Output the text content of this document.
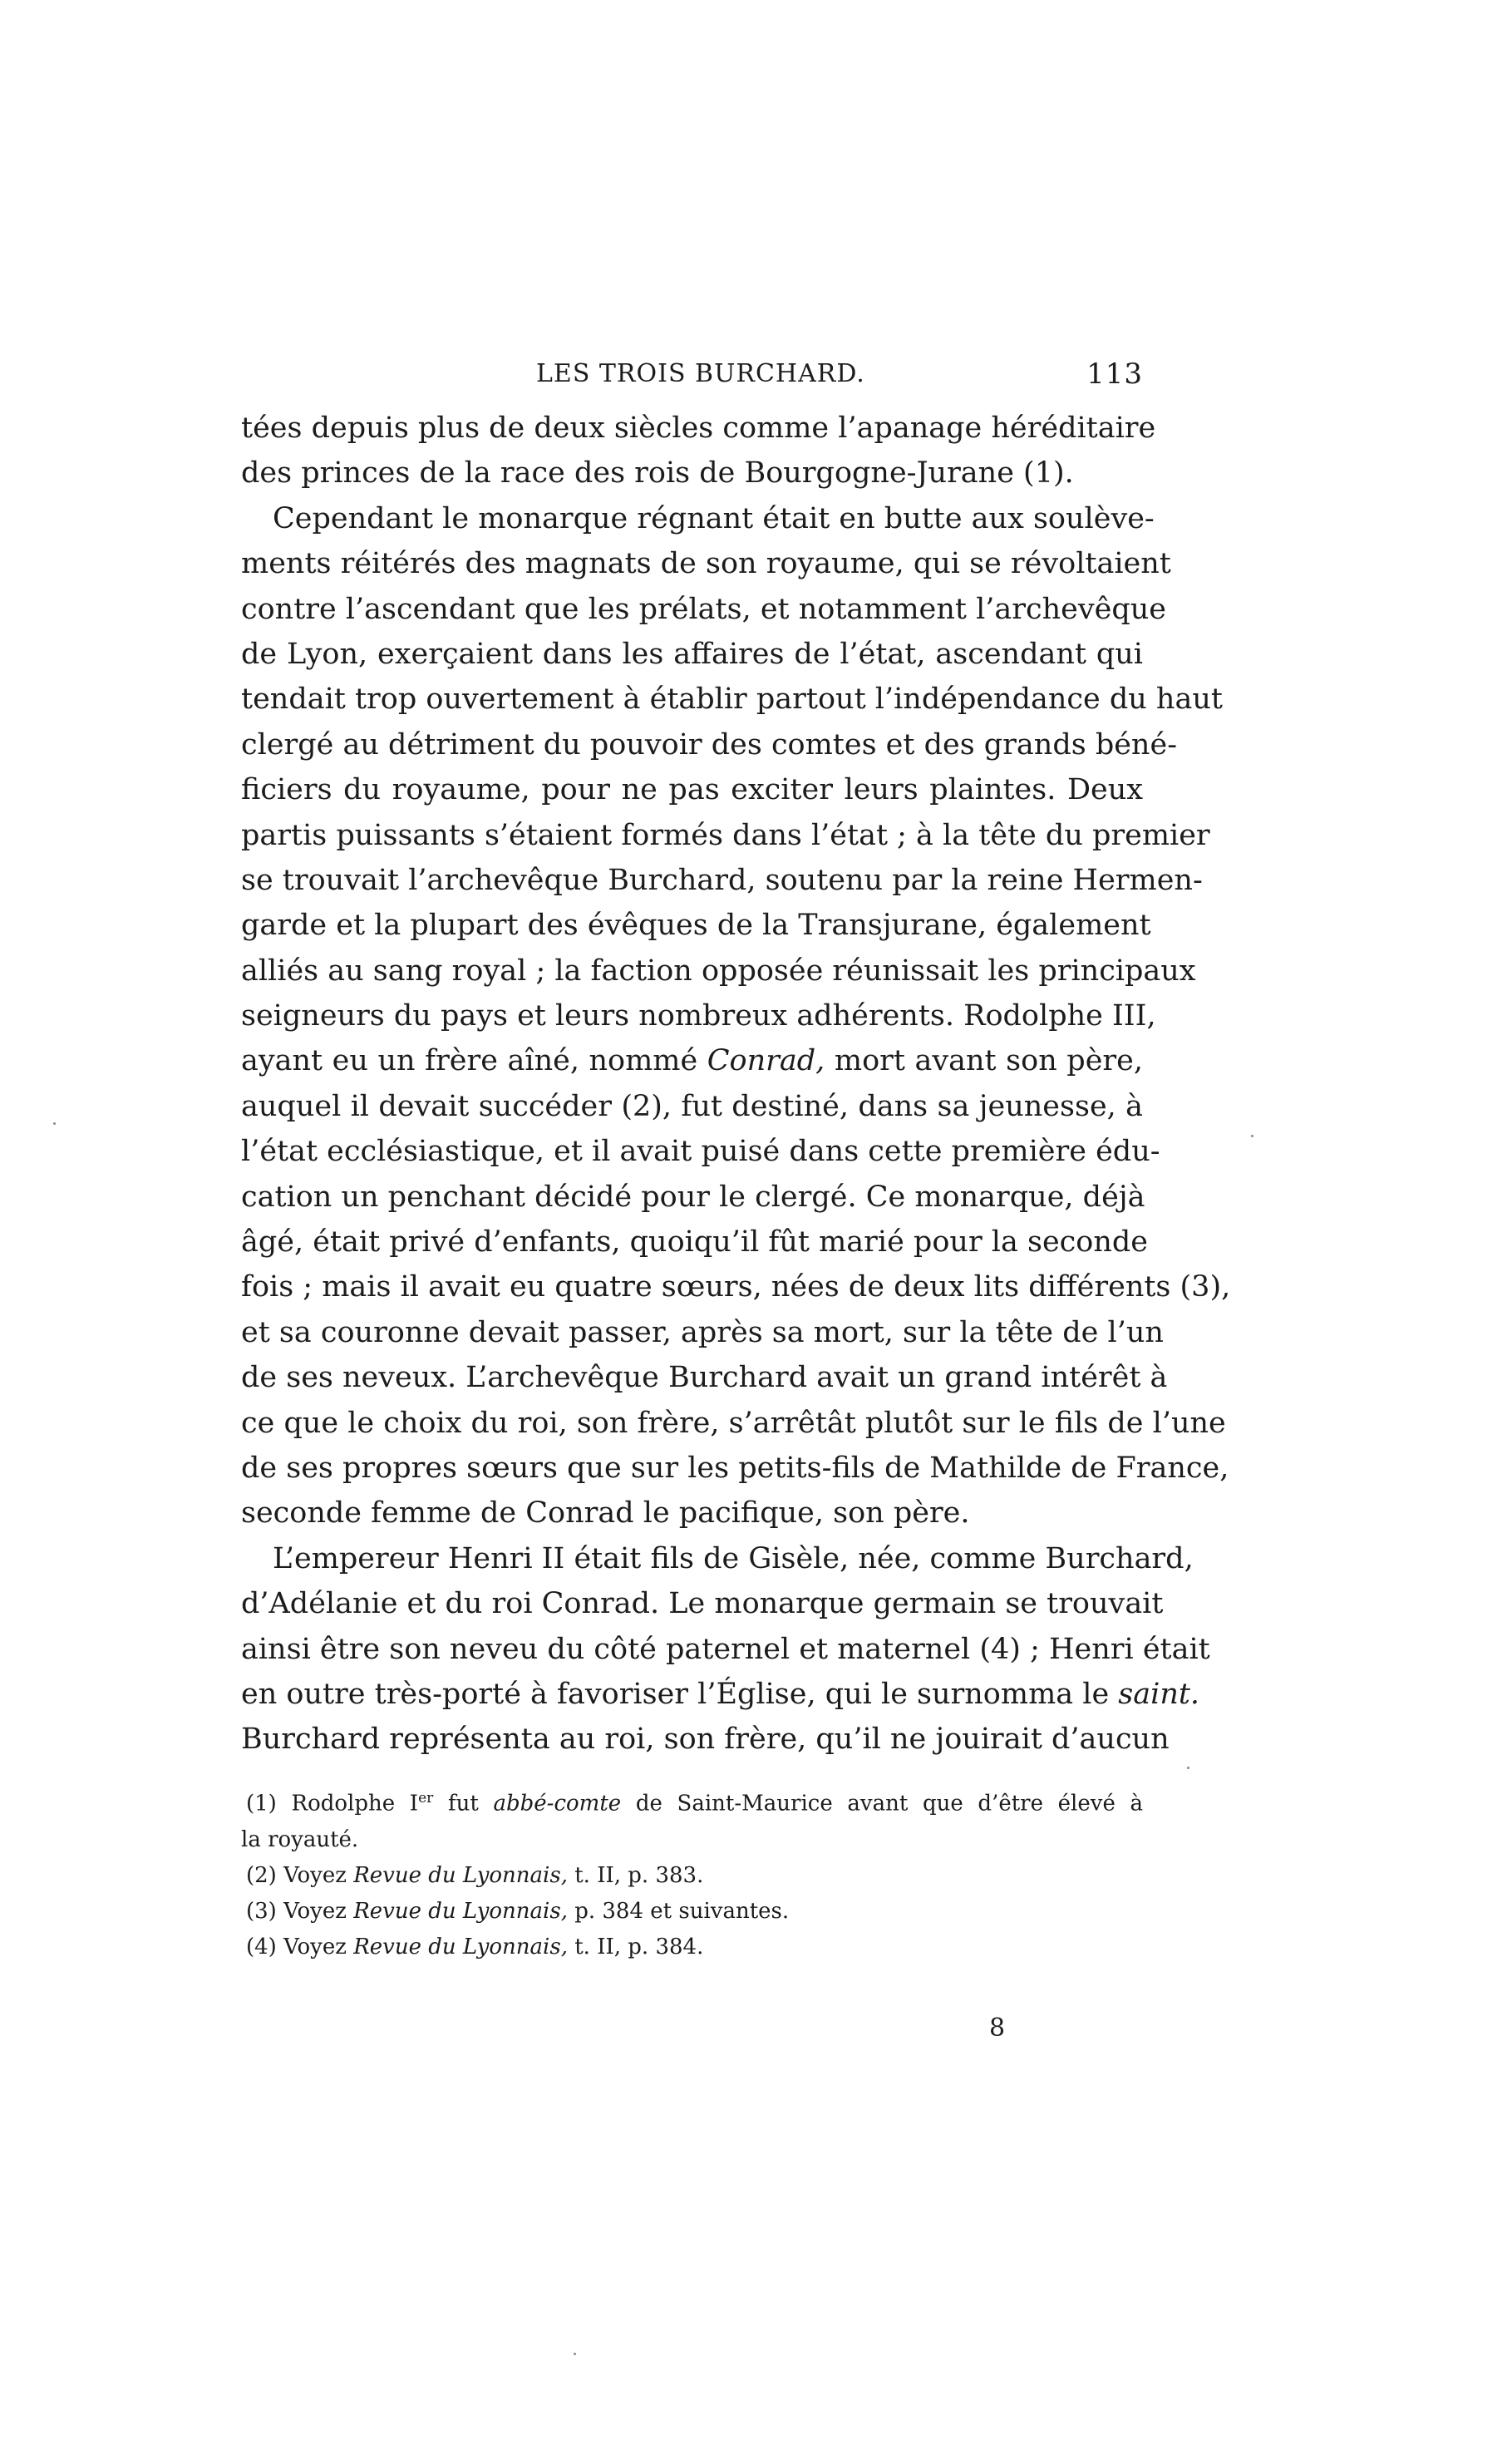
LES TROIS BURCHARD.	113
tées depuis plus de deux siècles comme l’apanage héréditaire
des princes de la race des rois de Bourgogne-Jurane (1).
Cependant le monarque régnant était en butte aux soulève-
ments réitérés des magnats de son royaume, qui se révoltaient
contre l’ascendant que les prélats, et notamment l’archevêque
de Lyon, exerçaient dans les affaires de l’état, ascendant qui
tendait trop ouvertement à établir partout l’indépendance du haut
clergé au détriment du pouvoir des comtes et des grands béné-
ficiers du royaume, pour ne pas exciter leurs plaintes. Deux
partis puissants s’étaient formés dans l’état ; à la tête du premier
se trouvait l’archevêque Burchard, soutenu par la reine Hermen-
garde et la plupart des évêques de la Transjurane, également
alliés au sang royal ; la faction opposée réunissait les principaux
seigneurs du pays et leurs nombreux adhérents. Rodolphe III,
ayant eu un frère aîné, nommé Conrad, mort avant son père,
auquel il devait succéder (2), fut destiné, dans sa jeunesse, à
l’état ecclésiastique, et il avait puisé dans cette première édu-
cation un penchant décidé pour le clergé. Ce monarque, déjà
âgé, était privé d’enfants, quoiqu’il fût marié pour la seconde
fois ; mais il avait eu quatre sœurs, nées de deux lits différents (3),
et sa couronne devait passer, après sa mort, sur la tête de l’un
de ses neveux. L’archevêque Burchard avait un grand intérêt à
ce que le choix du roi, son frère, s’arrêtât plutôt sur le fils de l’une
de ses propres sœurs que sur les petits-fils de Mathilde de France,
seconde femme de Conrad le pacifique, son père.
L’empereur Henri II était fils de Gisèle, née, comme Burchard,
d’Adélanie et du roi Conrad. Le monarque germain se trouvait
ainsi être son neveu du côté paternel et maternel (4) ; Henri était
en outre très-porté à favoriser l’Église, qui le surnomma le saint.
Burchard représenta au roi, son frère, qu’il ne jouirait d’aucun
(1) Rodolphe Ier fut abbé-comte de Saint-Maurice avant que d’être élevé à
la royauté.
(2) Voyez Revue du Lyonnais, t. II, p. 383.
(3) Voyez Revue du Lyonnais, p. 384 et suivantes.
(4) Voyez Revue du Lyonnais, t. II, p. 384.
8
